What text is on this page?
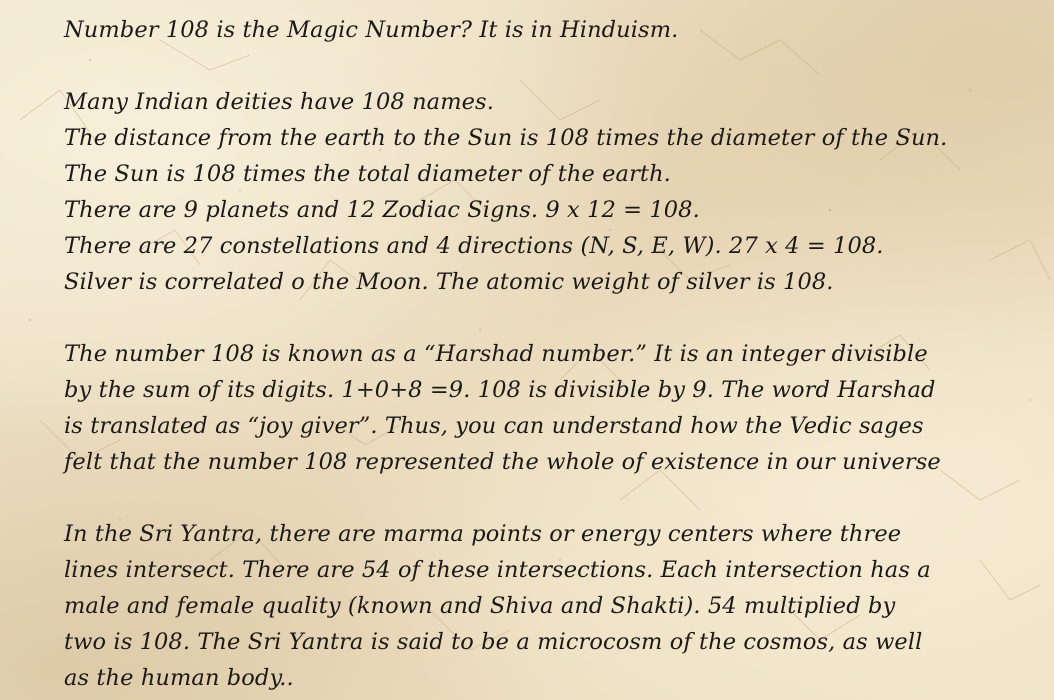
Number 108 is the Magic Number? It is in Hinduism.
Many Indian deities have 108 names.
The distance from the earth to the Sun is 108 times the diameter of the Sun.
The Sun is 108 times the total diameter of the earth.
There are 9 planets and 12 Zodiac Signs. 9 x 12 = 108.
There are 27 constellations and 4 directions (N, S, E, W). 27 x 4 = 108.
Silver is correlated o the Moon. The atomic weight of silver is 108.
The number 108 is known as a “Harshad number.” It is an integer divisible
by the sum of its digits. 1+0+8 =9. 108 is divisible by 9. The word Harshad
is translated as “joy giver”. Thus, you can understand how the Vedic sages
felt that the number 108 represented the whole of existence in our universe
In the Sri Yantra, there are marma points or energy centers where three
lines intersect. There are 54 of these intersections. Each intersection has a
male and female quality (known and Shiva and Shakti). 54 multiplied by
two is 108. The Sri Yantra is said to be a microcosm of the cosmos, as well
as the human body..
